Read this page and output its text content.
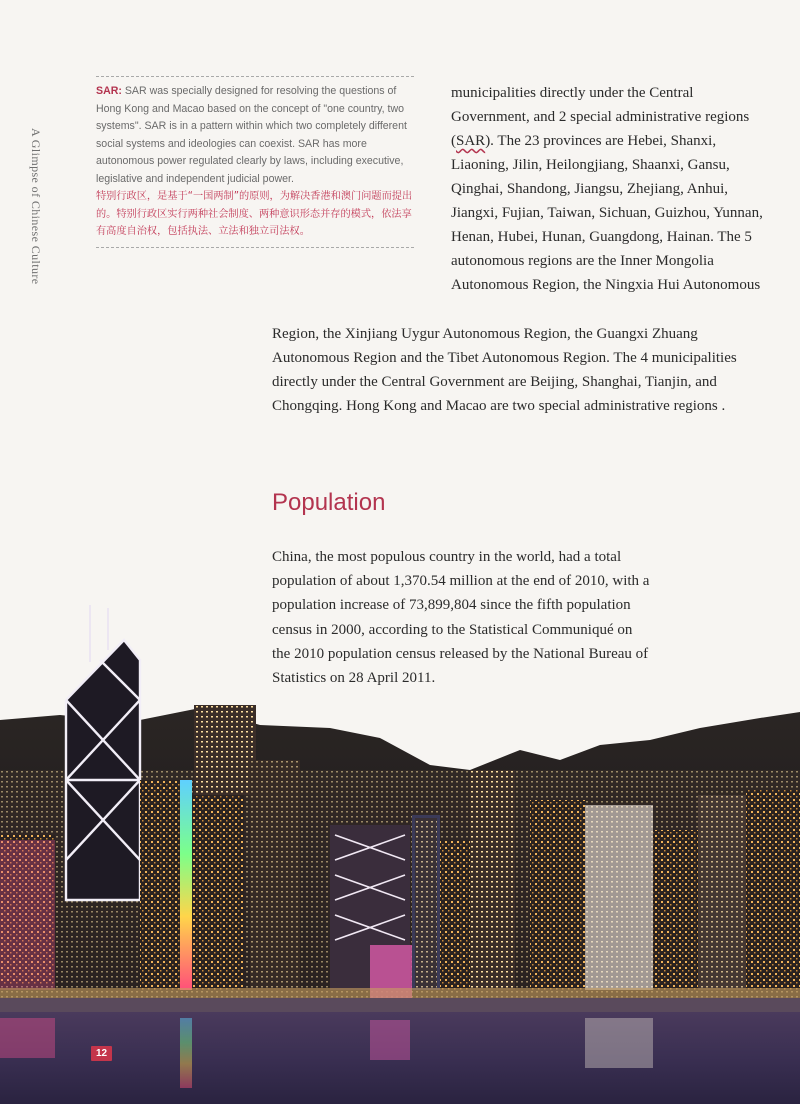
A Glimpse of Chinese Culture
SAR: SAR was specially designed for resolving the questions of Hong Kong and Macao based on the concept of "one country, two systems". SAR is in a pattern within which two completely different social systems and ideologies can coexist. SAR has more autonomous power regulated clearly by laws, including executive, legislative and independent judicial power.
特别行政区，是基于“一国两制”的原则，为解决香港和澳门问题而提出的。特别行政区实行两种社会制度、两种意识形态并存的模式，依法享有高度自治权，包括执法、立法和独立司法权。
municipalities directly under the Central Government, and 2 special administrative regions (SAR). The 23 provinces are Hebei, Shanxi, Liaoning, Jilin, Heilongjiang, Shaanxi, Gansu, Qinghai, Shandong, Jiangsu, Zhejiang, Anhui, Jiangxi, Fujian, Taiwan, Sichuan, Guizhou, Yunnan, Henan, Hubei, Hunan, Guangdong, Hainan. The 5 autonomous regions are the Inner Mongolia Autonomous Region, the Ningxia Hui Autonomous
Region, the Xinjiang Uygur Autonomous Region, the Guangxi Zhuang Autonomous Region and the Tibet Autonomous Region. The 4 municipalities directly under the Central Government are Beijing, Shanghai, Tianjin, and Chongqing. Hong Kong and Macao are two special administrative regions .
Population
China, the most populous country in the world, had a total population of about 1,370.54 million at the end of 2010, with a population increase of 73,899,804 since the fifth population census in 2000, according to the Statistical Communiqué on the 2010 population census released by the National Bureau of Statistics on 28 April 2011.
12
